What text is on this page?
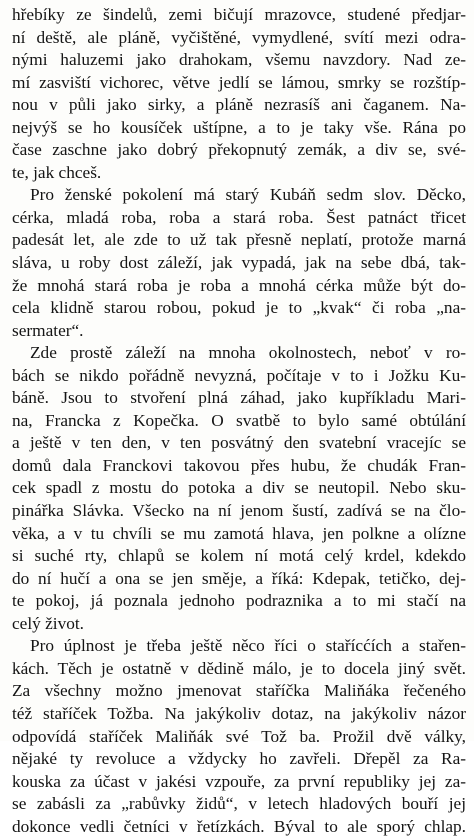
hřebíky ze šindelů, zemi bičují mrazovce, studené předjar-
ní deště, ale pláně, vyčištěné, vymydlené, svítí mezi odra-
nými haluzemi jako drahokam, všemu navzdory. Nad ze-
mí zasviští vichorec, větve jedlí se lámou, smrky se rozštíp-
nou v půli jako sirky, a pláně nezrasíš ani čaganem. Na-
nejvýš se ho kousíček uštípne, a to je taky vše. Rána po
čase zaschne jako dobrý překopnutý zemák, a div se, své-
te, jak chceš.
Pro ženské pokolení má starý Kubáň sedm slov. Děcko,
cérka, mladá roba, roba a stará roba. Šest patnáct třicet
padesát let, ale zde to už tak přesně neplatí, protože marná
sláva, u roby dost záleží, jak vypadá, jak na sebe dbá, tak-
že mnohá stará roba je roba a mnohá cérka může být do-
cela klidně starou robou, pokud je to „kvak“ či roba „na-
sermater“.
Zde prostě záleží na mnoha okolnostech, neboť v ro-
bách se nikdo pořádně nevyzná, počítaje v to i Jožku Ku-
báně. Jsou to stvoření plná záhad, jako kupříkladu Mari-
na, Francka z Kopečka. O svatbě to bylo samé obtúlání
a ještě v ten den, v ten posvátný den svatební vracejíc se
domů dala Franckovi takovou přes hubu, že chudák Fran-
cek spadl z mostu do potoka a div se neutopil. Nebo sku-
pinářka Slávka. Všecko na ní jenom šustí, zadívá se na člo-
věka, a v tu chvíli se mu zamotá hlava, jen polkne a olízne
si suché rty, chlapů se kolem ní motá celý krdel, kdekdo
do ní hučí a ona se jen směje, a říká: Kdepak, tetičko, dej-
te pokoj, já poznala jednoho podraznika a to mi stačí na
celý život.
Pro úplnost je třeba ještě něco říci o stařícćích a stařen-
kách. Těch je ostatně v dědině málo, je to docela jiný svět.
Za všechny možno jmenovat staříčka Maliňáka řečeného
též staříček Tožba. Na jakýkoliv dotaz, na jakýkoliv názor
odpovídá staříček Maliňák své Tož ba. Prožil dvě války,
nějaké ty revoluce a vždycky ho zavřeli. Dřepěl za Ra-
kouska za účast v jakési vzpouře, za první republiky jej za-
se zabásli za „rabůvky židů“, v letech hladových bouří jej
dokonce vedli četníci v řetízkách. Býval to ale sporý chlap.
